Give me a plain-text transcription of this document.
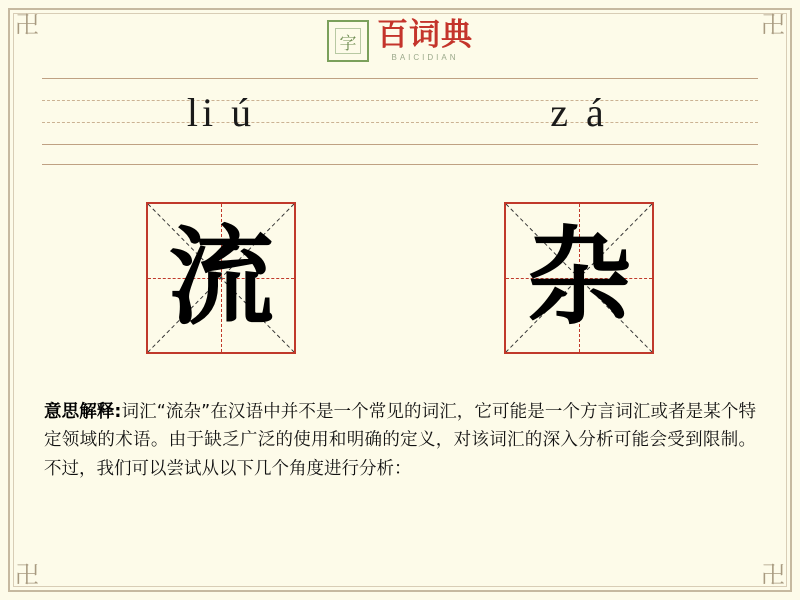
卍	卍
卍	卍
字 百词典
BAICIDIAN
li ú	z á
流 杂
意思解释:词汇“流杂”在汉语中并不是一个常见的词汇，它可能是一个方言词汇或者是某个特定领域的术语。由于缺乏广泛的使用和明确的定义，对该词汇的深入分析可能会受到限制。不过，我们可以尝试从以下几个角度进行分析：
